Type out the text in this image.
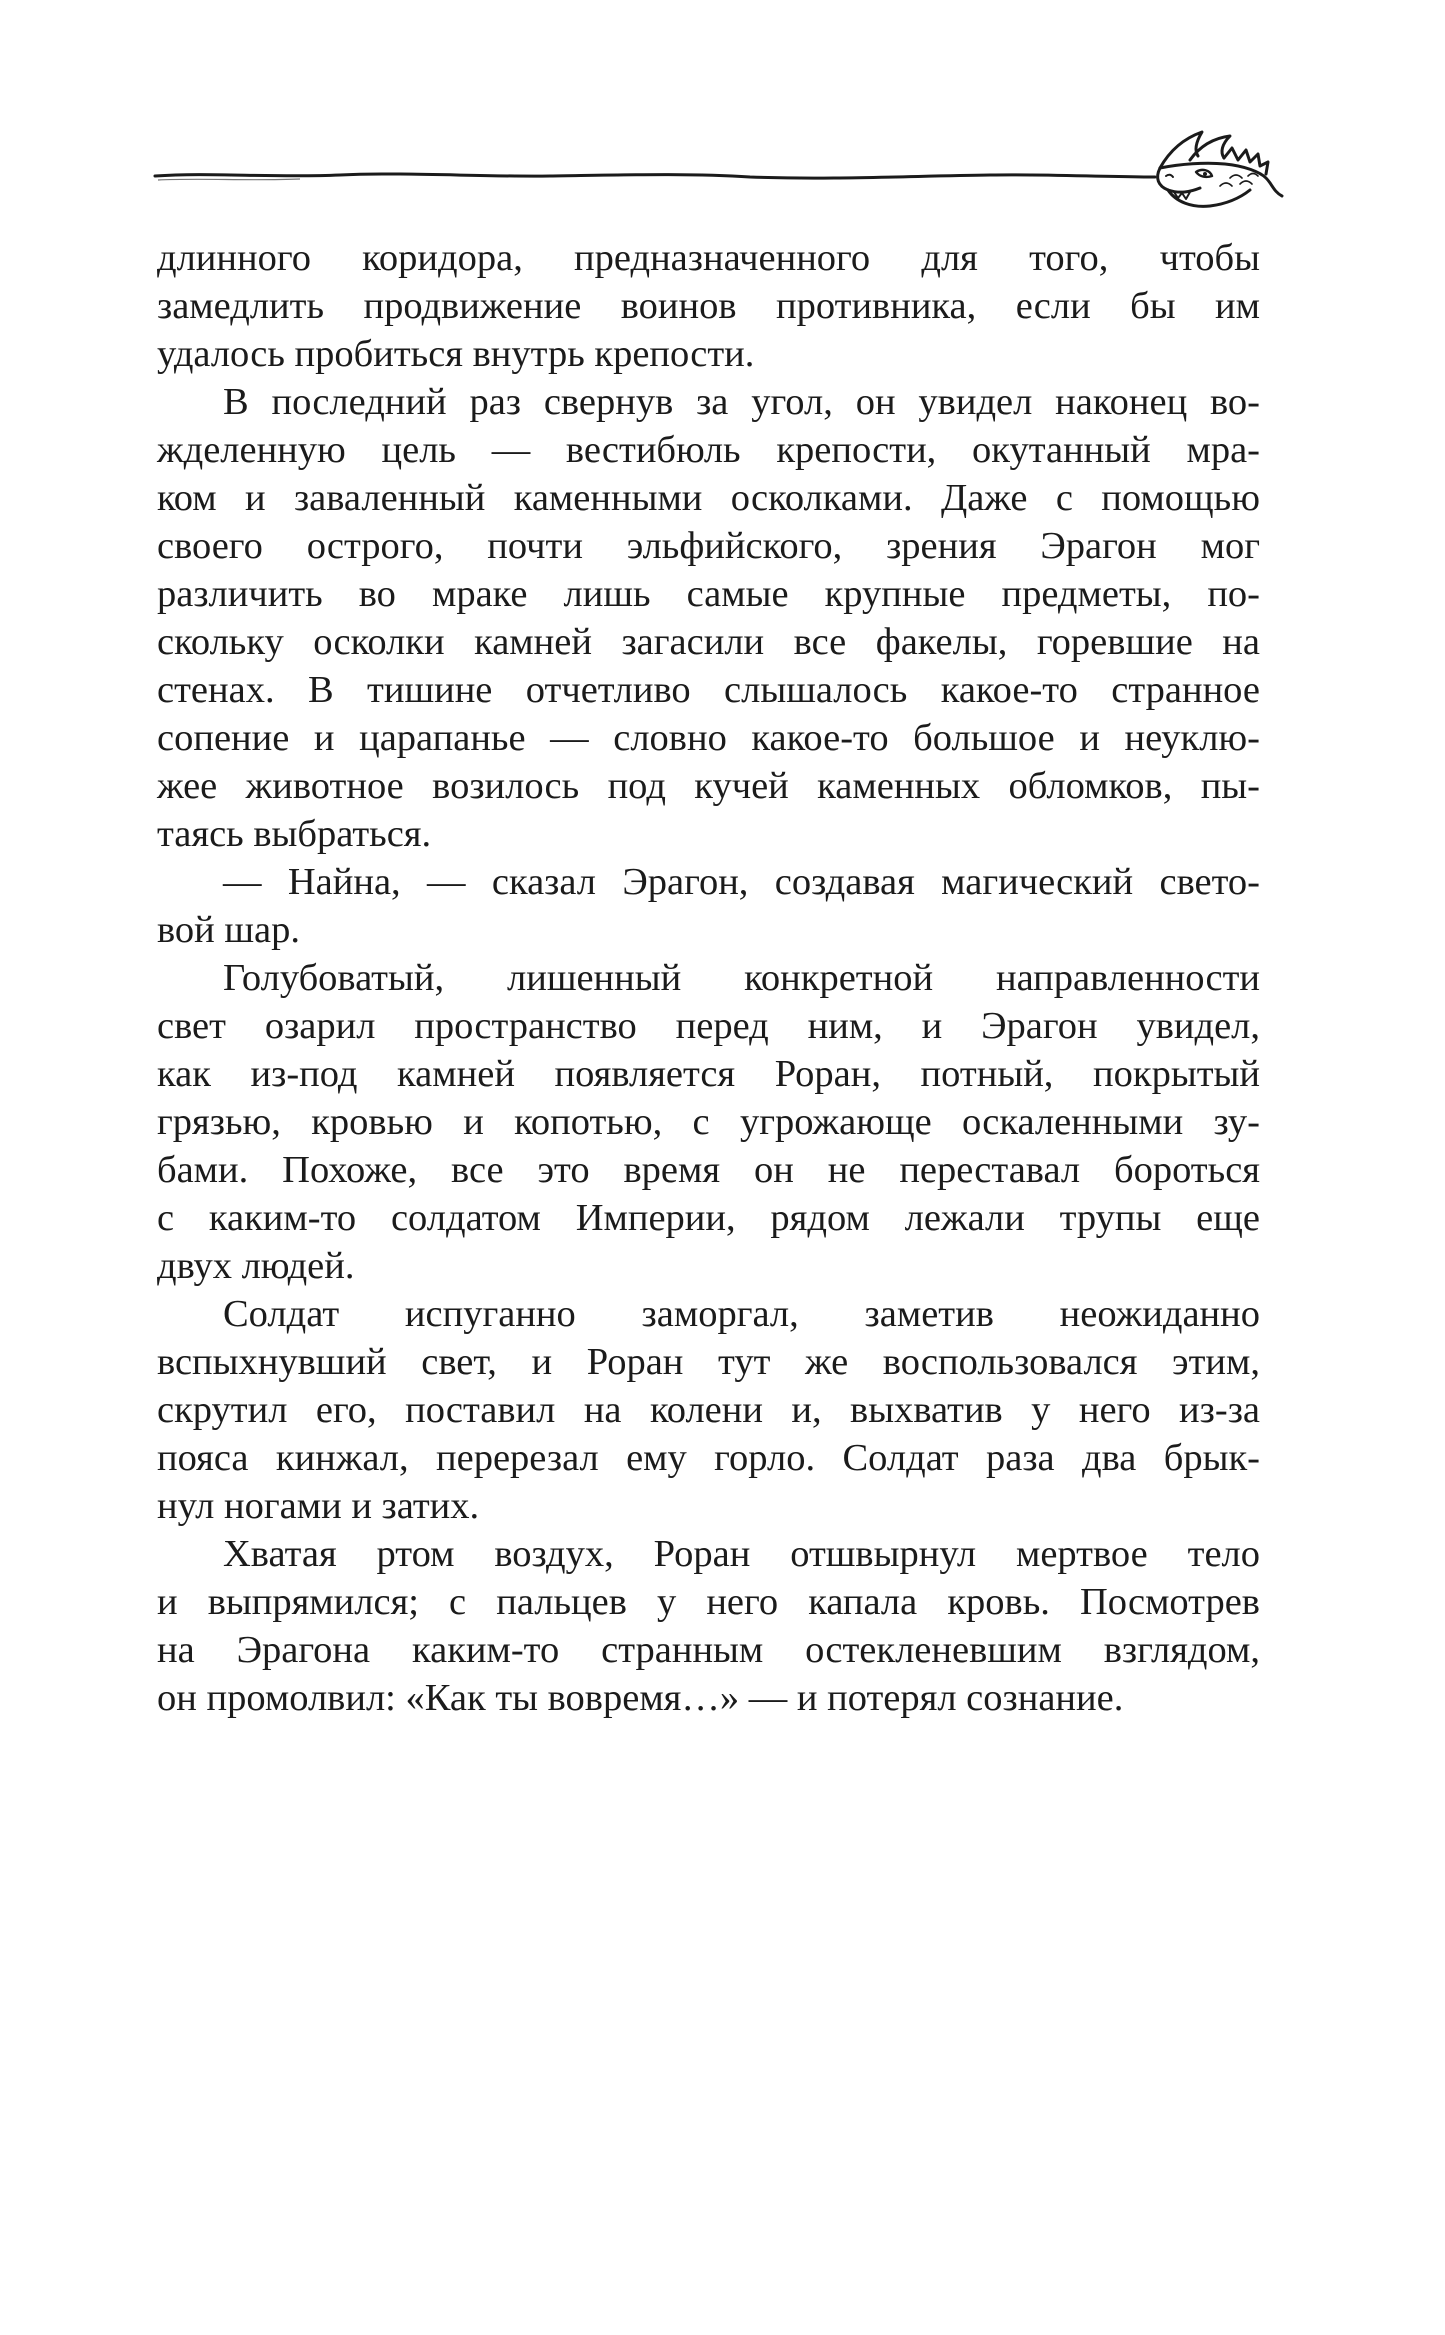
длинного коридора, предназначенного для того, чтобы
замедлить продвижение воинов противника, если бы им
удалось пробиться внутрь крепости.
В последний раз свернув за угол, он увидел наконец во-
жделенную цель — вестибюль крепости, окутанный мра-
ком и заваленный каменными осколками. Даже с помощью
своего острого, почти эльфийского, зрения Эрагон мог
различить во мраке лишь самые крупные предметы, по-
скольку осколки камней загасили все факелы, горевшие на
стенах. В тишине отчетливо слышалось какое-то странное
сопение и царапанье — словно какое-то большое и неуклю-
жее животное возилось под кучей каменных обломков, пы-
таясь выбраться.
— Найна, — сказал Эрагон, создавая магический свето-
вой шар.
Голубоватый, лишенный конкретной направленности
свет озарил пространство перед ним, и Эрагон увидел,
как из-под камней появляется Роран, потный, покрытый
грязью, кровью и копотью, с угрожающе оскаленными зу-
бами. Похоже, все это время он не переставал бороться
с каким-то солдатом Империи, рядом лежали трупы еще
двух людей.
Солдат испуганно заморгал, заметив неожиданно
вспыхнувший свет, и Роран тут же воспользовался этим,
скрутил его, поставил на колени и, выхватив у него из-за
пояса кинжал, перерезал ему горло. Солдат раза два брык-
нул ногами и затих.
Хватая ртом воздух, Роран отшвырнул мертвое тело
и выпрямился; с пальцев у него капала кровь. Посмотрев
на Эрагона каким-то странным остекленевшим взглядом,
он промолвил: «Как ты вовремя…» — и потерял сознание.
